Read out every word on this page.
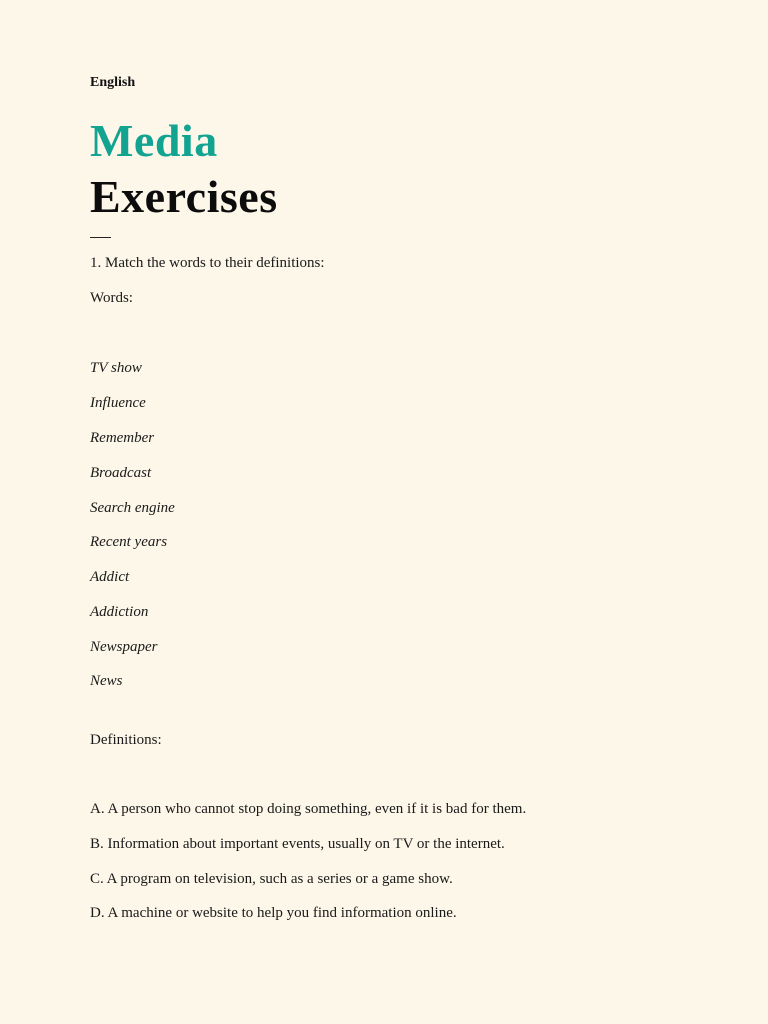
English
Media
Exercises
1. Match the words to their definitions:
Words:
TV show
Influence
Remember
Broadcast
Search engine
Recent years
Addict
Addiction
Newspaper
News
Definitions:
A. A person who cannot stop doing something, even if it is bad for them.
B. Information about important events, usually on TV or the internet.
C. A program on television, such as a series or a game show.
D. A machine or website to help you find information online.
